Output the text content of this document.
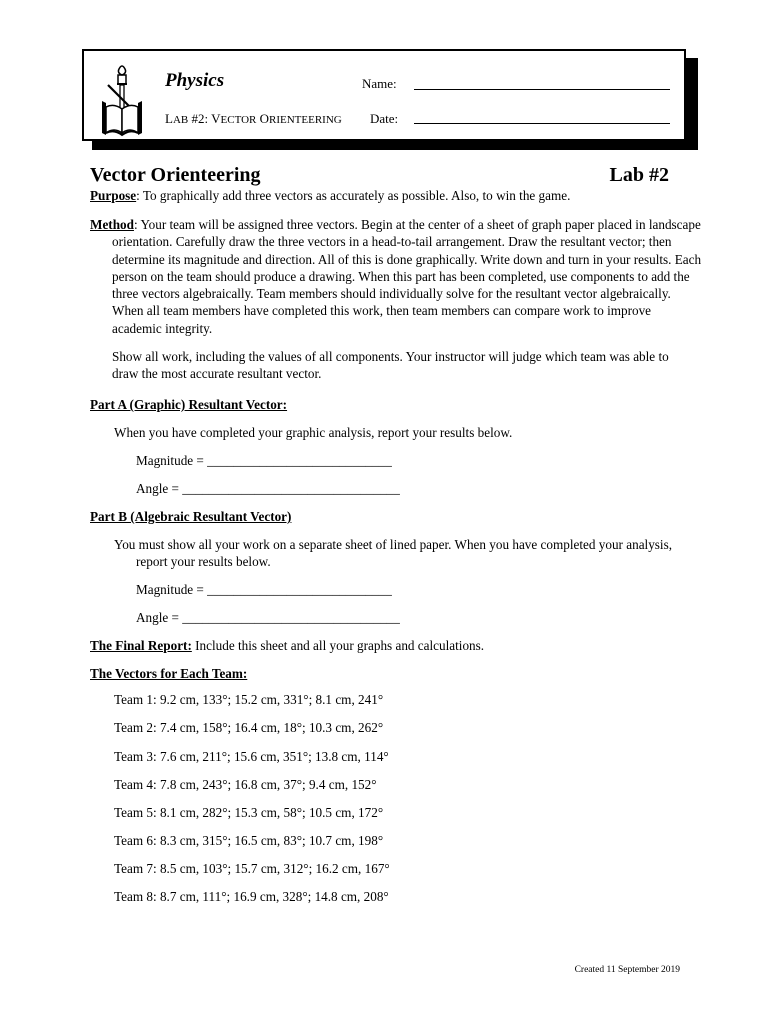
Physics
LAB #2: VECTOR ORIENTEERING
Name:
Date:
Vector Orienteering	Lab #2
Purpose: To graphically add three vectors as accurately as possible. Also, to win the game.
Method: Your team will be assigned three vectors. Begin at the center of a sheet of graph paper placed in landscape orientation. Carefully draw the three vectors in a head-to-tail arrangement. Draw the resultant vector; then determine its magnitude and direction. All of this is done graphically. Write down and turn in your results. Each person on the team should produce a drawing. When this part has been completed, use components to add the three vectors algebraically. Team members should individually solve for the resultant vector algebraically. When all team members have completed this work, then team members can compare work to improve academic integrity.
Show all work, including the values of all components. Your instructor will judge which team was able to draw the most accurate resultant vector.
Part A (Graphic) Resultant Vector:
When you have completed your graphic analysis, report your results below.
Magnitude = ____________________________
Angle = _________________________________
Part B (Algebraic Resultant Vector)
You must show all your work on a separate sheet of lined paper. When you have completed your analysis, report your results below.
Magnitude = ____________________________
Angle = _________________________________
The Final Report: Include this sheet and all your graphs and calculations.
The Vectors for Each Team:
Team 1: 9.2 cm, 133°; 15.2 cm, 331°; 8.1 cm, 241°
Team 2: 7.4 cm, 158°; 16.4 cm, 18°; 10.3 cm, 262°
Team 3: 7.6 cm, 211°; 15.6 cm, 351°; 13.8 cm, 114°
Team 4: 7.8 cm, 243°; 16.8 cm, 37°; 9.4 cm, 152°
Team 5: 8.1 cm, 282°; 15.3 cm, 58°; 10.5 cm, 172°
Team 6: 8.3 cm, 315°; 16.5 cm, 83°; 10.7 cm, 198°
Team 7: 8.5 cm, 103°; 15.7 cm, 312°; 16.2 cm, 167°
Team 8: 8.7 cm, 111°; 16.9 cm, 328°; 14.8 cm, 208°
Created 11 September 2019
